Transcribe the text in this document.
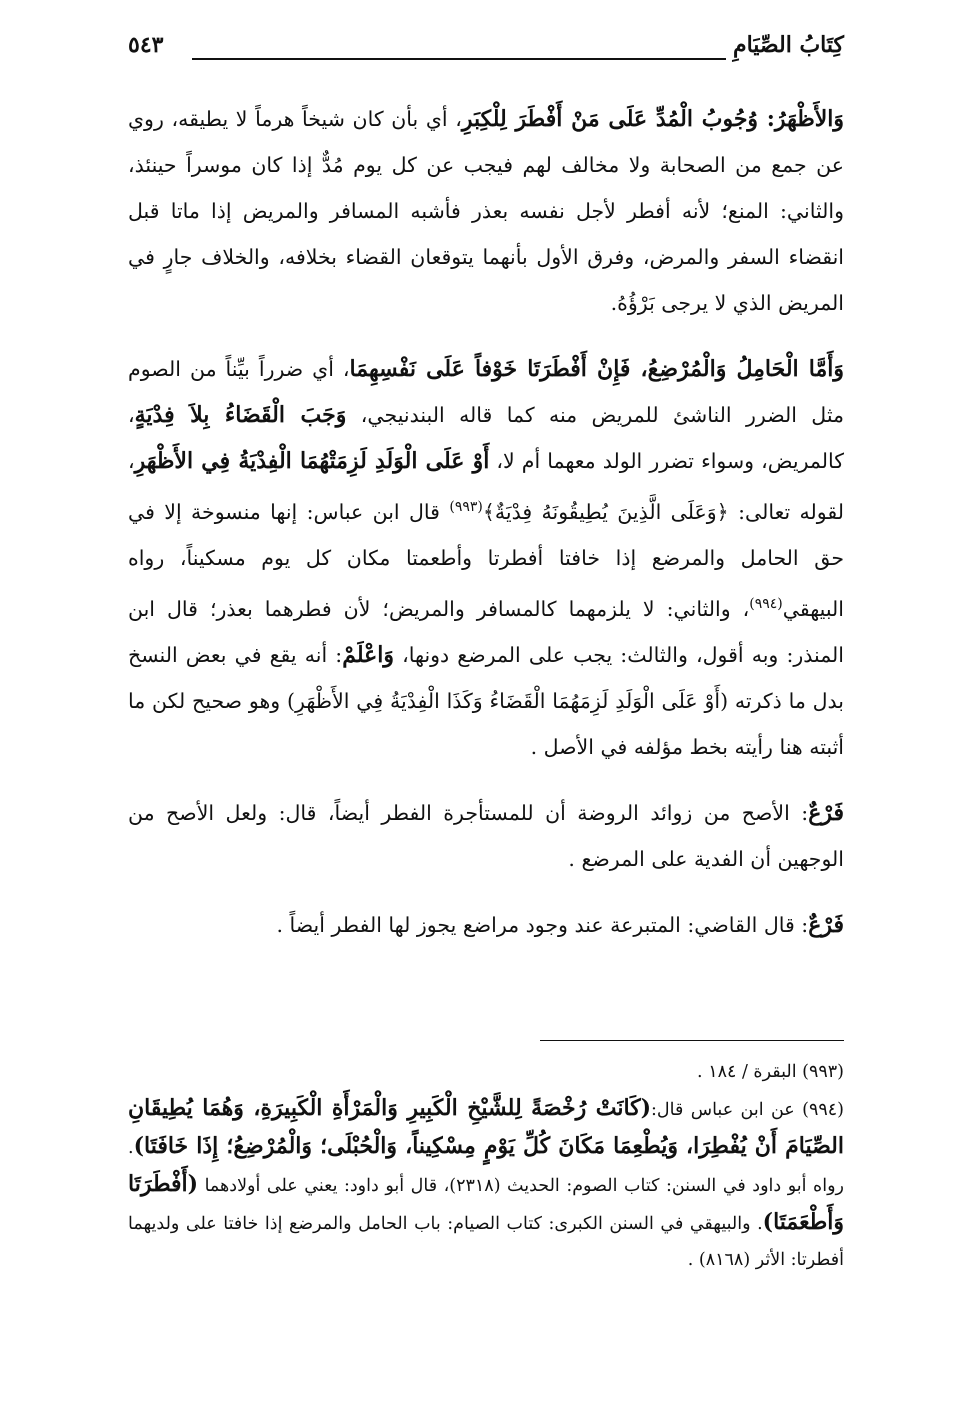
كِتَابُ الصِّيَامِ
٥٤٣

وَالأَظْهَرُ: وُجُوبُ الْمُدِّ عَلَى مَنْ أَفْطَرَ لِلْكِبَرِ، أي بأن كان شيخاً هرماً لا يطيقه، روي عن جمع من الصحابة ولا مخالف لهم فيجب عن كل يوم مُدٌّ إذا كان موسراً حينئذ، والثاني: المنع؛ لأنه أفطر لأجل نفسه بعذر فأشبه المسافر والمريض إذا ماتا قبل انقضاء السفر والمرض، وفرق الأول بأنهما يتوقعان القضاء بخلافه، والخلاف جارٍ في المريض الذي لا يرجى بَرْؤُهُ.

وَأَمَّا الْحَامِلُ وَالْمُرْضِعُ، فَإِنْ أَفْطَرَتَا خَوْفاً عَلَى نَفْسِهِمَا، أي ضرراً بيِّناً من الصوم مثل الضرر الناشئ للمريض منه كما قاله البندنيجي، وَجَبَ الْقَضَاءُ بِلاَ فِدْيَةٍ، كالمريض، وسواء تضرر الولد معهما أم لا، أَوْ عَلَى الْوَلَدِ لَزِمَتْهُمَا الْفِدْيَةُ فِي الأَظْهَرِ، لقوله تعالى: ﴿وَعَلَى الَّذِينَ يُطِيقُونَهُ فِدْيَةٌ﴾$^{(٩٩٣)}$ قال ابن عباس: إنها منسوخة إلا في حق الحامل والمرضع إذا خافتا أفطرتا وأطعمتا مكان كل يوم مسكيناً، رواه البيهقي$^{(٩٩٤)}$، والثاني: لا يلزمهما كالمسافر والمريض؛ لأن فطرهما بعذر؛ قال ابن المنذر: وبه أقول، والثالث: يجب على المرضع دونها، وَاعْلَمْ: أنه يقع في بعض النسخ بدل ما ذكرته (أَوْ عَلَى الْوَلَدِ لَزِمَهُمَا الْقَضَاءُ وَكَذَا الْفِدْيَةُ فِي الأَظْهَرِ) وهو صحيح لكن ما أثبته هنا رأيته بخط مؤلفه في الأصل .

فَرْعٌ: الأصح من زوائد الروضة أن للمستأجرة الفطر أيضاً، قال: ولعل الأصح من الوجهين أن الفدية على المرضع .

فَرْعٌ: قال القاضي: المتبرعة عند وجود مراضع يجوز لها الفطر أيضاً .

(٩٩٣) البقرة / ١٨٤ .

(٩٩٤) عن ابن عباس قال:(كَانَتْ رُخْصَةً لِلشَّيْخِ الْكَبِيرِ وَالْمَرْأَةِ الْكَبِيرَةِ، وَهُمَا يُطِيقَانِ الصِّيَامَ أَنْ يُفْطِرَا، وَيُطْعِمَا مَكَانَ كُلِّ يَوْمٍ مِسْكِيناً، وَالْحُبْلَى؛ وَالْمُرْضِعُ؛ إِذَا خَافَتَا). رواه أبو داود في السنن: كتاب الصوم: الحديث (٢٣١٨)، قال أبو داود: يعني على أولادهما (أَفْطَرَتَا وَأَطْعَمَتَا). والبيهقي في السنن الكبرى: كتاب الصيام: باب الحامل والمرضع إذا خافتا على ولديهما أفطرتا: الأثر (٨١٦٨) .
